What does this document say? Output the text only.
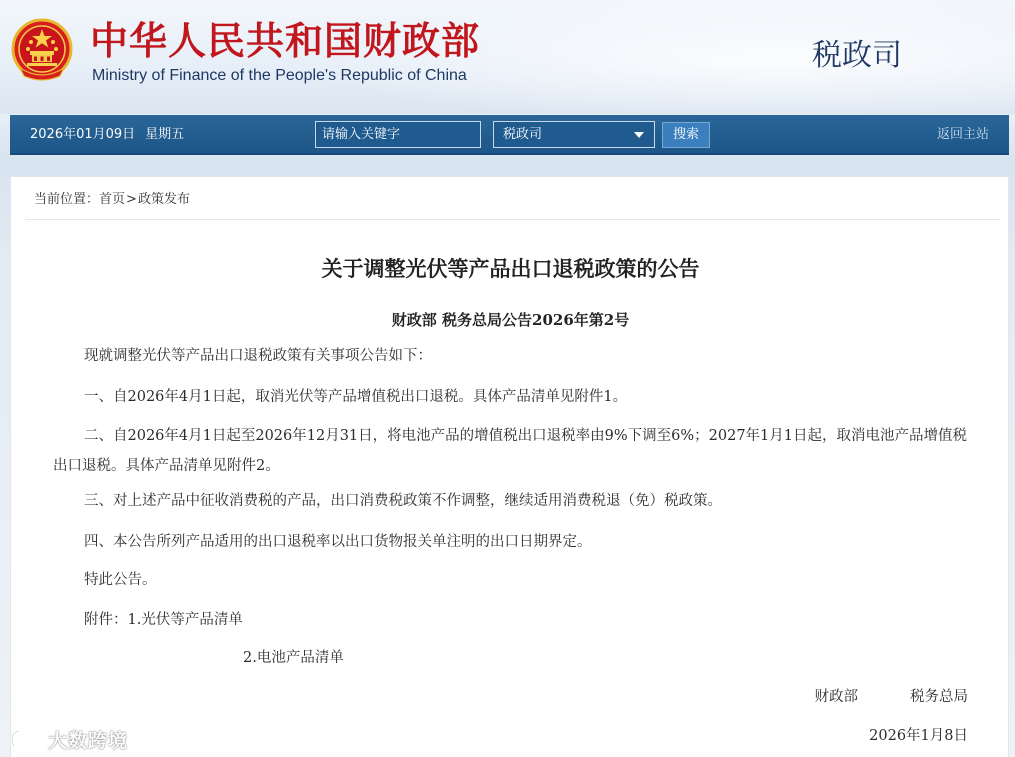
中华人民共和国财政部
Ministry of Finance of the People's Republic of China
税政司
2026年01月09日 星期五
请输入关键字	税政司	搜索	返回主站
当前位置：首页>政策发布
关于调整光伏等产品出口退税政策的公告
财政部 税务总局公告2026年第2号

现就调整光伏等产品出口退税政策有关事项公告如下：

一、自2026年4月1日起，取消光伏等产品增值税出口退税。具体产品清单见附件1。

二、自2026年4月1日起至2026年12月31日，将电池产品的增值税出口退税率由9%下调至6%；2027年1月1日起，取消电池产品增值税出口退税。具体产品清单见附件2。

三、对上述产品中征收消费税的产品，出口消费税政策不作调整，继续适用消费税退（免）税政策。

四、本公告所列产品适用的出口退税率以出口货物报关单注明的出口日期界定。

特此公告。

附件：1.光伏等产品清单

2.电池产品清单

财政部	税务总局
2026年1月8日
大数跨境
